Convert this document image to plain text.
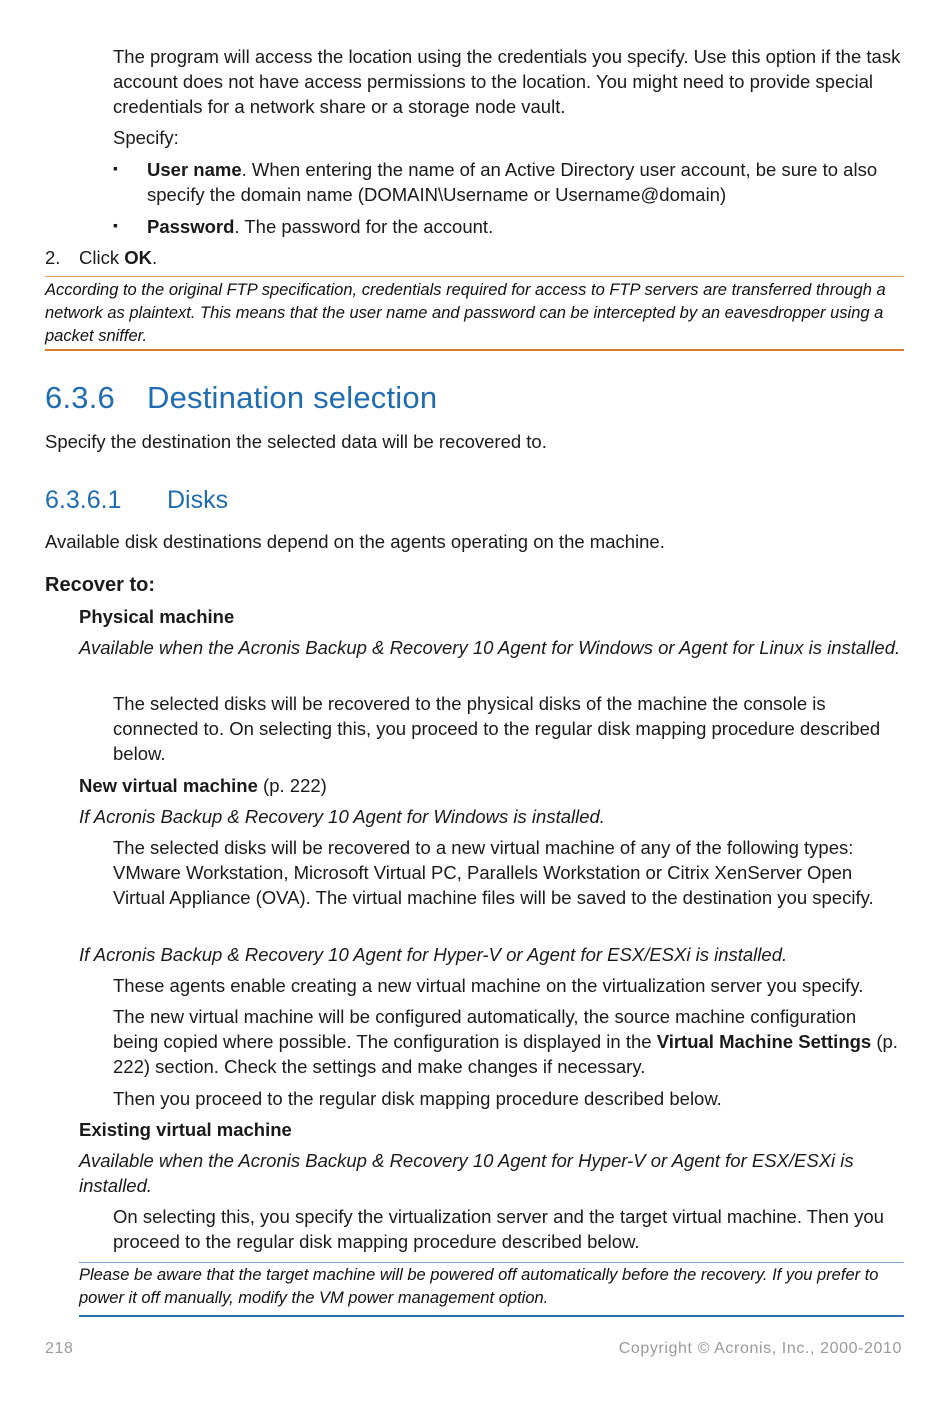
The program will access the location using the credentials you specify. Use this option if the task account does not have access permissions to the location. You might need to provide special credentials for a network share or a storage node vault.

Specify:

▪	User name. When entering the name of an Active Directory user account, be sure to also specify the domain name (DOMAIN\Username or Username@domain)

▪	Password. The password for the account.

2. Click OK.

According to the original FTP specification, credentials required for access to FTP servers are transferred through a network as plaintext. This means that the user name and password can be intercepted by an eavesdropper using a packet sniffer.

6.3.6 Destination selection

Specify the destination the selected data will be recovered to.

6.3.6.1 Disks

Available disk destinations depend on the agents operating on the machine.

Recover to:

Physical machine

Available when the Acronis Backup & Recovery 10 Agent for Windows or Agent for Linux is installed.

The selected disks will be recovered to the physical disks of the machine the console is connected to. On selecting this, you proceed to the regular disk mapping procedure described below.

New virtual machine (p. 222)

If Acronis Backup & Recovery 10 Agent for Windows is installed.

The selected disks will be recovered to a new virtual machine of any of the following types: VMware Workstation, Microsoft Virtual PC, Parallels Workstation or Citrix XenServer Open Virtual Appliance (OVA). The virtual machine files will be saved to the destination you specify.

If Acronis Backup & Recovery 10 Agent for Hyper-V or Agent for ESX/ESXi is installed.

These agents enable creating a new virtual machine on the virtualization server you specify.

The new virtual machine will be configured automatically, the source machine configuration being copied where possible. The configuration is displayed in the Virtual Machine Settings (p. 222) section. Check the settings and make changes if necessary.

Then you proceed to the regular disk mapping procedure described below.

Existing virtual machine

Available when the Acronis Backup & Recovery 10 Agent for Hyper-V or Agent for ESX/ESXi is installed.

On selecting this, you specify the virtualization server and the target virtual machine. Then you proceed to the regular disk mapping procedure described below.

Please be aware that the target machine will be powered off automatically before the recovery. If you prefer to power it off manually, modify the VM power management option.

218	Copyright © Acronis, Inc., 2000-2010
